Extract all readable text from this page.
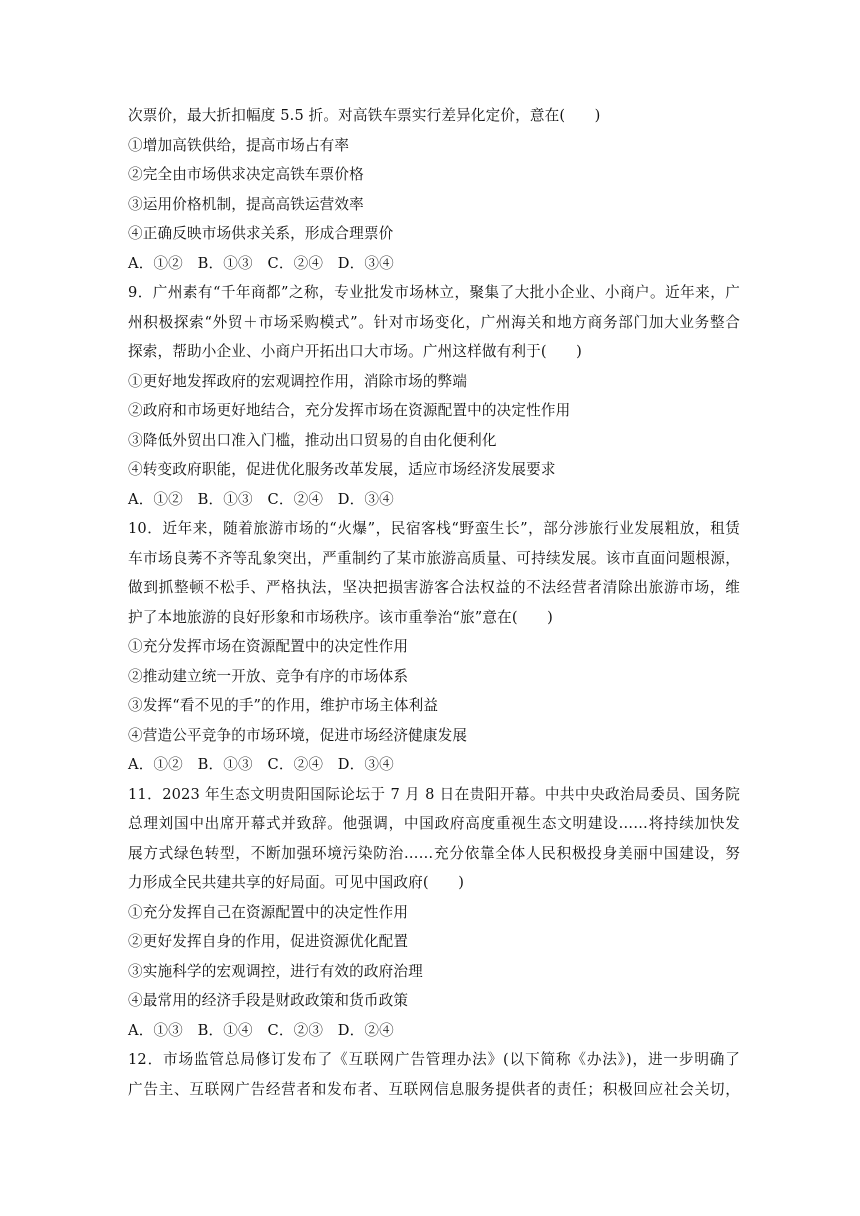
次票价，最大折扣幅度 5.5 折。对高铁车票实行差异化定价，意在(　　)
①增加高铁供给，提高市场占有率
②完全由市场供求决定高铁车票价格
③运用价格机制，提高高铁运营效率
④正确反映市场供求关系，形成合理票价
A．①②　B．①③　C．②④　D．③④
9．广州素有“千年商都”之称，专业批发市场林立，聚集了大批小企业、小商户。近年来，广
州积极探索“外贸＋市场采购模式”。针对市场变化，广州海关和地方商务部门加大业务整合
探索，帮助小企业、小商户开拓出口大市场。广州这样做有利于(　　)
①更好地发挥政府的宏观调控作用，消除市场的弊端
②政府和市场更好地结合，充分发挥市场在资源配置中的决定性作用
③降低外贸出口准入门槛，推动出口贸易的自由化便利化
④转变政府职能，促进优化服务改革发展，适应市场经济发展要求
A．①②　B．①③　C．②④　D．③④
10．近年来，随着旅游市场的“火爆”，民宿客栈“野蛮生长”，部分涉旅行业发展粗放，租赁
车市场良莠不齐等乱象突出，严重制约了某市旅游高质量、可持续发展。该市直面问题根源，
做到抓整顿不松手、严格执法，坚决把损害游客合法权益的不法经营者清除出旅游市场，维
护了本地旅游的良好形象和市场秩序。该市重拳治“旅”意在(　　)
①充分发挥市场在资源配置中的决定性作用
②推动建立统一开放、竞争有序的市场体系
③发挥“看不见的手”的作用，维护市场主体利益
④营造公平竞争的市场环境，促进市场经济健康发展
A．①②　B．①③　C．②④　D．③④
11．2023 年生态文明贵阳国际论坛于 7 月 8 日在贵阳开幕。中共中央政治局委员、国务院
总理刘国中出席开幕式并致辞。他强调，中国政府高度重视生态文明建设……将持续加快发
展方式绿色转型，不断加强环境污染防治……充分依靠全体人民积极投身美丽中国建设，努
力形成全民共建共享的好局面。可见中国政府(　　)
①充分发挥自己在资源配置中的决定性作用
②更好发挥自身的作用，促进资源优化配置
③实施科学的宏观调控，进行有效的政府治理
④最常用的经济手段是财政政策和货币政策
A．①③　B．①④　C．②③　D．②④
12．市场监管总局修订发布了《互联网广告管理办法》(以下简称《办法》)，进一步明确了
广告主、互联网广告经营者和发布者、互联网信息服务提供者的责任；积极回应社会关切，
